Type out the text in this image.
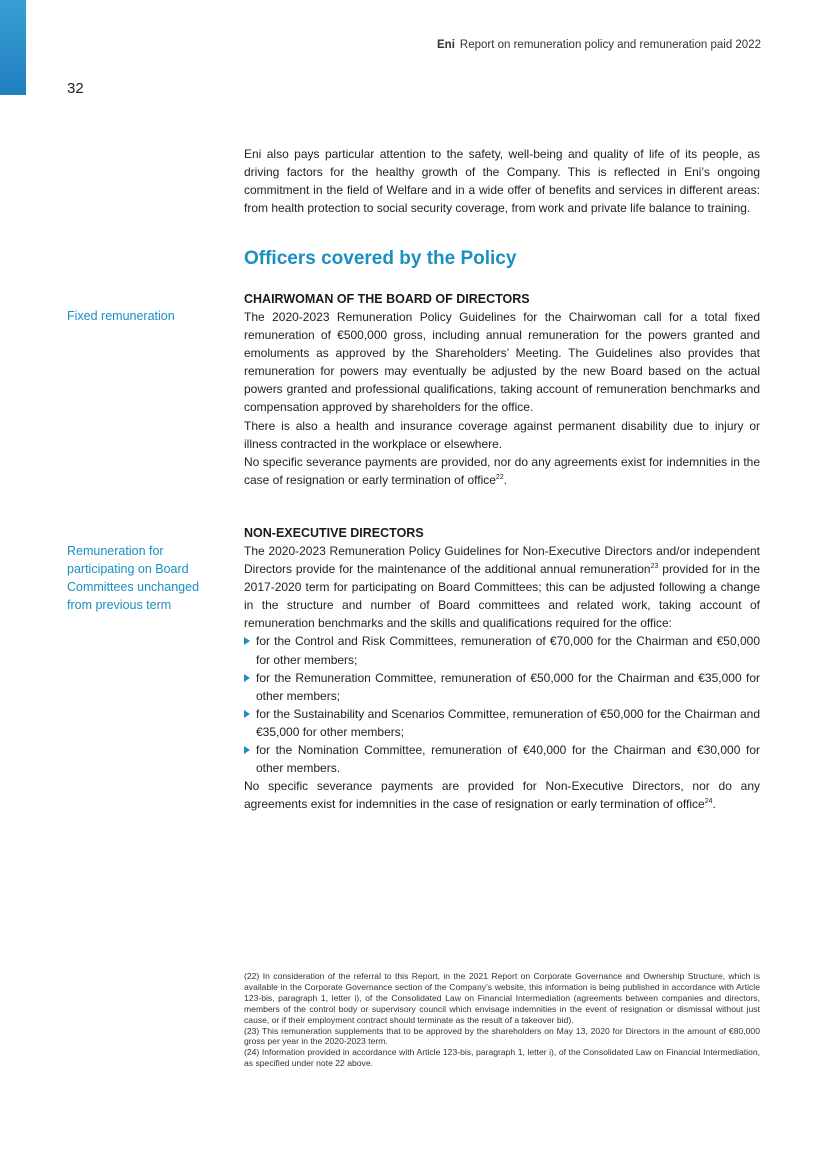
Eni Report on remuneration policy and remuneration paid 2022
32

Eni also pays particular attention to the safety, well-being and quality of life of its people, as driving factors for the healthy growth of the Company. This is reflected in Eni’s ongoing commitment in the field of Welfare and in a wide offer of benefits and services in different areas: from health protection to social security coverage, from work and private life balance to training.

Officers covered by the Policy
Fixed remuneration
CHAIRWOMAN OF THE BOARD OF DIRECTORS

The 2020-2023 Remuneration Policy Guidelines for the Chairwoman call for a total fixed remuneration of €500,000 gross, including annual remuneration for the powers granted and emoluments as approved by the Shareholders’ Meeting. The Guidelines also provides that remuneration for powers may eventually be adjusted by the new Board based on the actual powers granted and professional qualifications, taking account of remuneration benchmarks and compensation approved by shareholders for the office.

There is also a health and insurance coverage against permanent disability due to injury or illness contracted in the workplace or elsewhere.

No specific severance payments are provided, nor do any agreements exist for indemnities in the case of resignation or early termination of office$^{22}$.

Remuneration for participating on Board Committees unchanged from previous term
NON-EXECUTIVE DIRECTORS

The 2020-2023 Remuneration Policy Guidelines for Non-Executive Directors and/or independent Directors provide for the maintenance of the additional annual remuneration$^{23}$ provided for in the 2017-2020 term for participating on Board Committees; this can be adjusted following a change in the structure and number of Board committees and related work, taking account of remuneration benchmarks and the skills and qualifications required for the office:

for the Control and Risk Committees, remuneration of €70,000 for the Chairman and €50,000 for other members;
for the Remuneration Committee, remuneration of €50,000 for the Chairman and €35,000 for other members;
for the Sustainability and Scenarios Committee, remuneration of €50,000 for the Chairman and €35,000 for other members;
for the Nomination Committee, remuneration of €40,000 for the Chairman and €30,000 for other members.

No specific severance payments are provided for Non-Executive Directors, nor do any agreements exist for indemnities in the case of resignation or early termination of office$^{24}$.

(22) In consideration of the referral to this Report, in the 2021 Report on Corporate Governance and Ownership Structure, which is available in the Corporate Governance section of the Company’s website, this information is being published in accordance with Article 123-bis, paragraph 1, letter i), of the Consolidated Law on Financial Intermediation (agreements between companies and directors, members of the control body or supervisory council which envisage indemnities in the event of resignation or dismissal without just cause, or if their employment contract should terminate as the result of a takeover bid).

(23) This remuneration supplements that to be approved by the shareholders on May 13, 2020 for Directors in the amount of €80,000 gross per year in the 2020-2023 term.

(24) Information provided in accordance with Article 123-bis, paragraph 1, letter i), of the Consolidated Law on Financial Intermediation, as specified under note 22 above.
